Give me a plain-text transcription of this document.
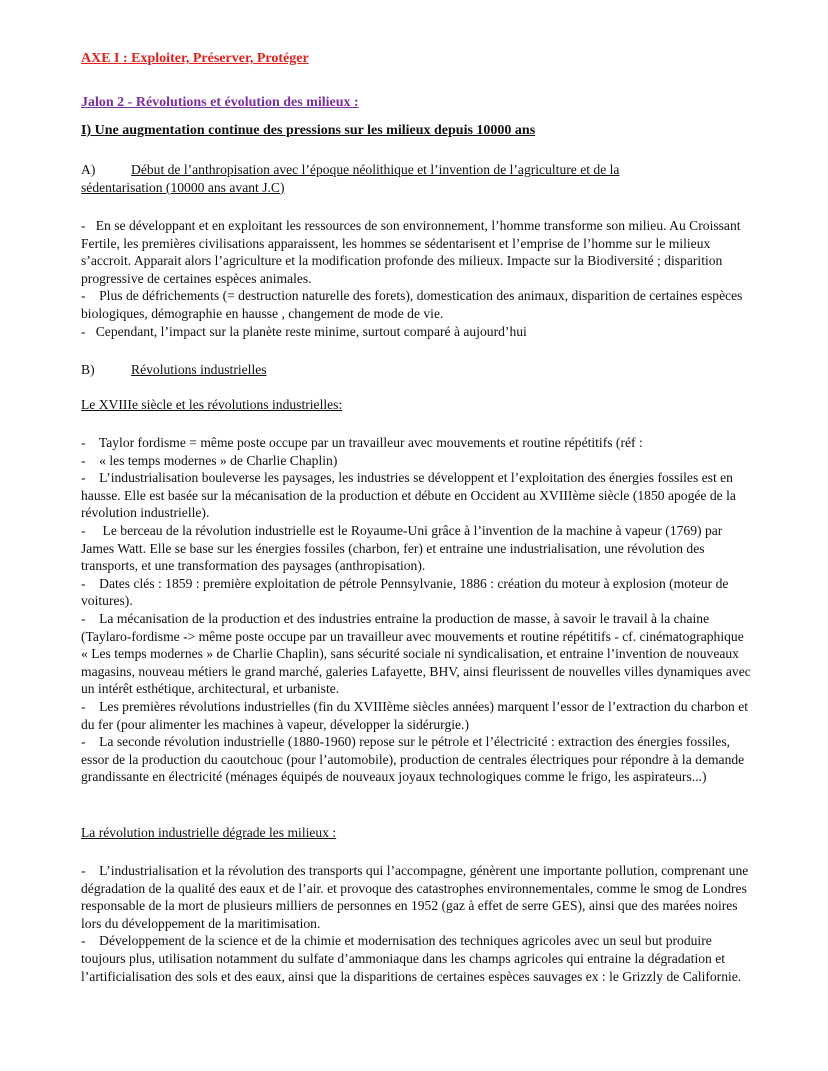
AXE I : Exploiter, Préserver, Protéger
Jalon 2 - Révolutions et évolution des milieux :
I) Une augmentation continue des pressions sur les milieux depuis 10000 ans

A)	Début de l’anthropisation avec l’époque néolithique et l’invention de l’agriculture et de la

sédentarisation (10000 ans avant J.C)

-   En se développant et en exploitant les ressources de son environnement, l’homme transforme son milieu. Au Croissant Fertile, les premières civilisations apparaissent, les hommes se sédentarisent et l’emprise de l’homme sur le milieux s’accroit. Apparait alors l’agriculture et la modification profonde des milieux. Impacte sur la Biodiversité ; disparition progressive de certaines espèces animales.

-    Plus de défrichements (= destruction naturelle des forets), domestication des animaux, disparition de certaines espèces biologiques, démographie en hausse , changement de mode de vie.

-   Cependant, l’impact sur la planète reste minime, surtout comparé à aujourd’hui

B)	Révolutions industrielles
Le XVIIIe siècle et les révolutions industrielles:

-    Taylor fordisme = même poste occupe par un travailleur avec mouvements et routine répétitifs (réf :

-    « les temps modernes » de Charlie Chaplin)

-    L’industrialisation bouleverse les paysages, les industries se développent et l’exploitation des énergies fossiles est en hausse. Elle est basée sur la mécanisation de la production et débute en Occident au XVIIIème siècle (1850 apogée de la révolution industrielle).

-     Le berceau de la révolution industrielle est le Royaume-Uni grâce à l’invention de la machine à vapeur (1769) par James Watt. Elle se base sur les énergies fossiles (charbon, fer) et entraine une industrialisation, une révolution des transports, et une transformation des paysages (anthropisation).

-    Dates clés : 1859 : première exploitation de pétrole Pennsylvanie, 1886 : création du moteur à explosion (moteur de voitures).

-    La mécanisation de la production et des industries entraine la production de masse, à savoir le travail à la chaine (Taylaro-fordisme -> même poste occupe par un travailleur avec mouvements et routine répétitifs - cf. cinématographique « Les temps modernes » de Charlie Chaplin), sans sécurité sociale ni syndicalisation, et entraine l’invention de nouveaux magasins, nouveau métiers le grand marché, galeries Lafayette, BHV, ainsi fleurissent de nouvelles villes dynamiques avec un intérêt esthétique, architectural, et urbaniste.

-    Les premières révolutions industrielles (fin du XVIIIème siècles années) marquent l’essor de l’extraction du charbon et du fer (pour alimenter les machines à vapeur, développer la sidérurgie.)

-    La seconde révolution industrielle (1880-1960) repose sur le pétrole et l’électricité : extraction des énergies fossiles, essor de la production du caoutchouc (pour l’automobile), production de centrales électriques pour répondre à la demande grandissante en électricité (ménages équipés de nouveaux joyaux technologiques comme le frigo, les aspirateurs...)

La révolution industrielle dégrade les milieux :

-    L’industrialisation et la révolution des transports qui l’accompagne, génèrent une importante pollution, comprenant une dégradation de la qualité des eaux et de l’air. et provoque des catastrophes environnementales, comme le smog de Londres responsable de la mort de plusieurs milliers de personnes en 1952 (gaz à effet de serre GES), ainsi que des marées noires lors du développement de la maritimisation.

-    Développement de la science et de la chimie et modernisation des techniques agricoles avec un seul but produire toujours plus, utilisation notamment du sulfate d’ammoniaque dans les champs agricoles qui entraine la dégradation et l’artificialisation des sols et des eaux, ainsi que la disparitions de certaines espèces sauvages ex : le Grizzly de Californie.
